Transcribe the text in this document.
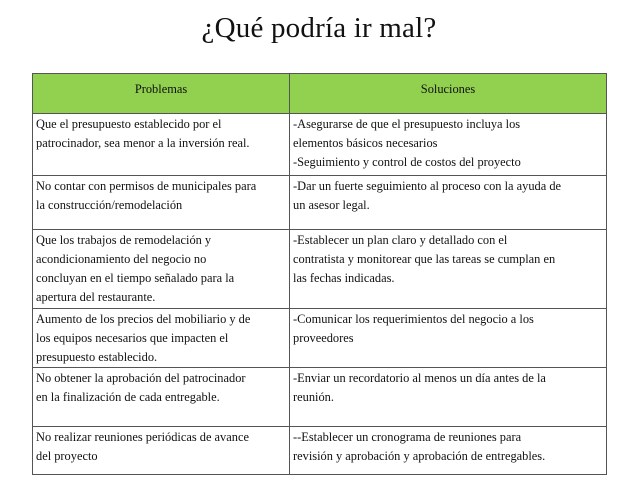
¿Qué podría ir mal?
Problemas	Soluciones

Que el presupuesto establecido por el
patrocinador, sea menor a la inversión real.	-Asegurarse de que el presupuesto incluya los
elementos básicos necesarios
-Seguimiento y control de costos del proyecto

No contar con permisos de municipales para
la construcción/remodelación	-Dar un fuerte seguimiento al proceso con la ayuda de
un asesor legal.

Que los trabajos de remodelación y
acondicionamiento del negocio no
concluyan en el tiempo señalado para la
apertura del restaurante.	-Establecer un plan claro y detallado con el
contratista y monitorear que las tareas se cumplan en
las fechas indicadas.

Aumento de los precios del mobiliario y de
los equipos necesarios que impacten el
presupuesto establecido.	-Comunicar los requerimientos del negocio a los
proveedores

No obtener la aprobación del patrocinador
en la finalización de cada entregable.	-Enviar un recordatorio al menos un día antes de la
reunión.

No realizar reuniones periódicas de avance
del proyecto	--Establecer un cronograma de reuniones para
revisión y aprobación y aprobación de entregables.
